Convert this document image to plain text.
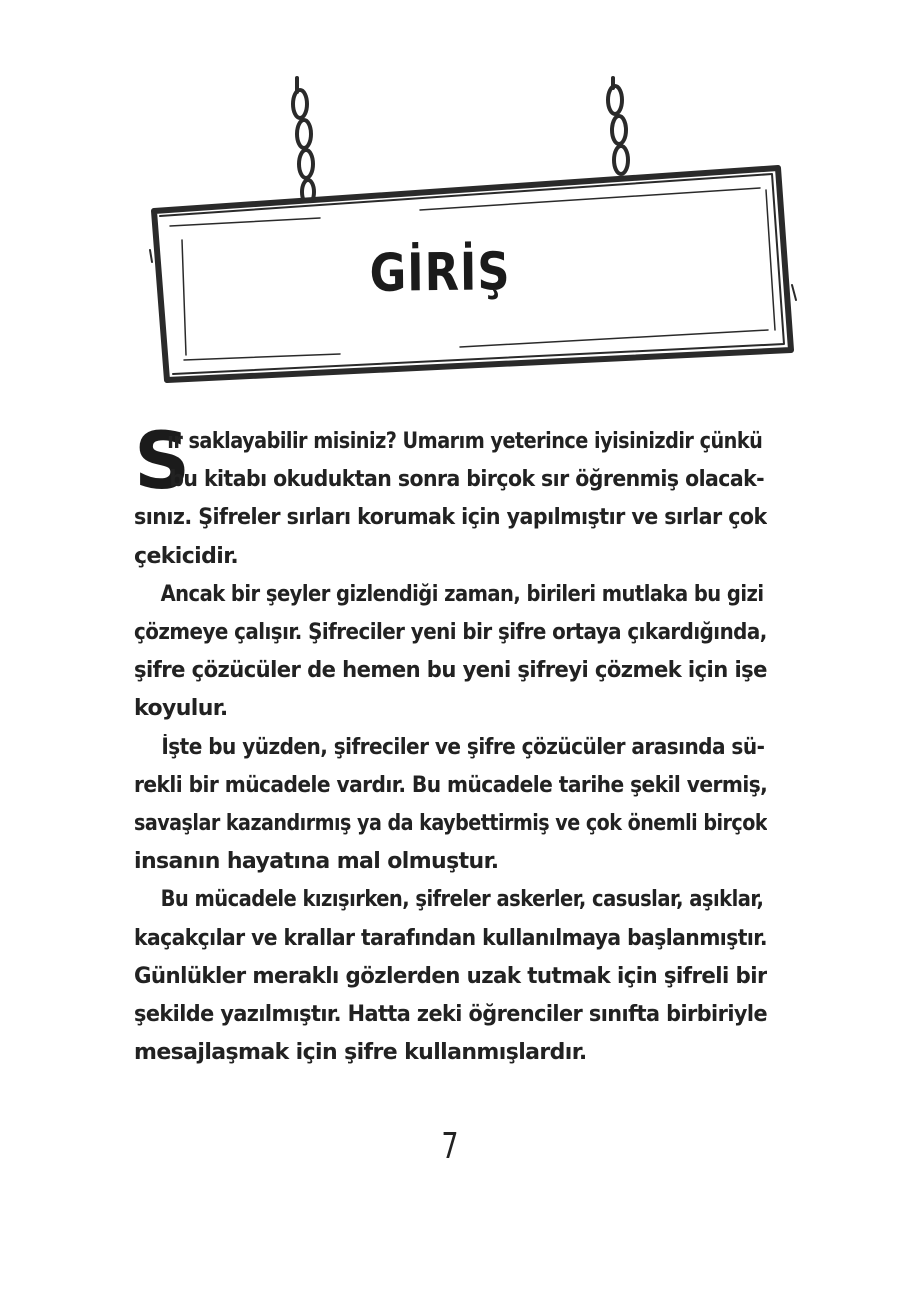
GİRİŞ
S

ır saklayabilir misiniz? Umarım yeterince iyisinizdir çünkü
bu kitabı okuduktan sonra birçok sır öğrenmiş olacak-
sınız. Şifreler sırları korumak için yapılmıştır ve sırlar çok
çekicidir.

Ancak bir şeyler gizlendiği zaman, birileri mutlaka bu gizi
çözmeye çalışır. Şifreciler yeni bir şifre ortaya çıkardığında,
şifre çözücüler de hemen bu yeni şifreyi çözmek için işe
koyulur.

İşte bu yüzden, şifreciler ve şifre çözücüler arasında sü-
rekli bir mücadele vardır. Bu mücadele tarihe şekil vermiş,
savaşlar kazandırmış ya da kaybettirmiş ve çok önemli birçok
insanın hayatına mal olmuştur.

Bu mücadele kızışırken, şifreler askerler, casuslar, aşıklar,
kaçakçılar ve krallar tarafından kullanılmaya başlanmıştır.
Günlükler meraklı gözlerden uzak tutmak için şifreli bir
şekilde yazılmıştır. Hatta zeki öğrenciler sınıfta birbiriyle
mesajlaşmak için şifre kullanmışlardır.

7
